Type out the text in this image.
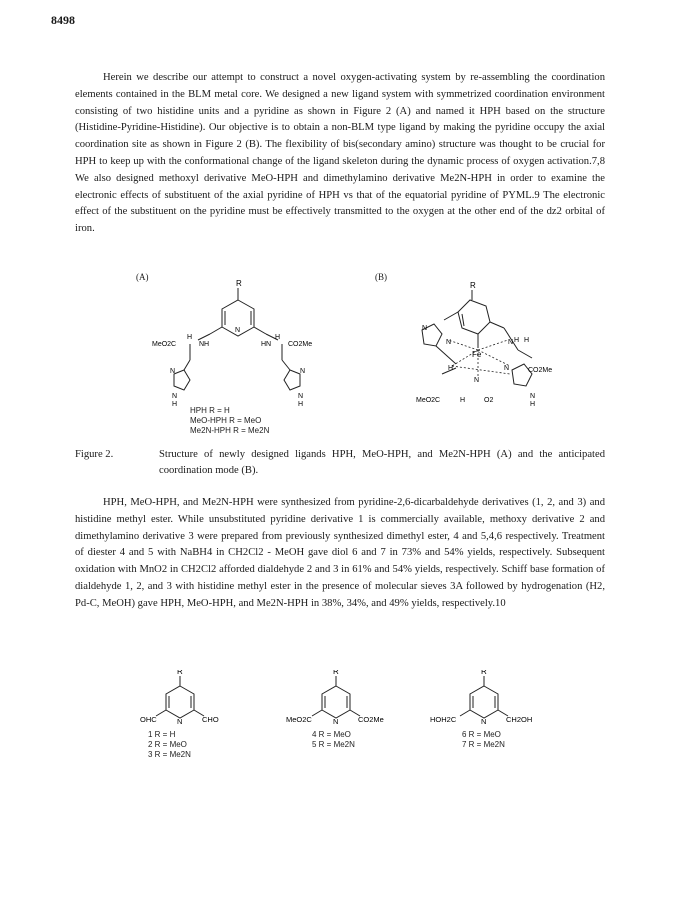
8498
Herein we describe our attempt to construct a novel oxygen-activating system by re-assembling the coordination elements contained in the BLM metal core. We designed a new ligand system with symmetrized coordination environment consisting of two histidine units and a pyridine as shown in Figure 2 (A) and named it HPH based on the structure (Histidine-Pyridine-Histidine). Our objective is to obtain a non-BLM type ligand by making the pyridine occupy the axial coordination site as shown in Figure 2 (B). The flexibility of bis(secondary amino) structure was thought to be crucial for HPH to keep up with the conformational change of the ligand skeleton during the dynamic process of oxygen activation.7,8 We also designed methoxyl derivative MeO-HPH and dimethylamino derivative Me2N-HPH in order to examine the electronic effects of substituent of the axial pyridine of HPH vs that of the equatorial pyridine of PYML.9 The electronic effect of the substituent on the pyridine must be effectively transmitted to the oxygen at the other end of the dz2 orbital of iron.
(A)	(B)
R
N
MeO2C	NH	HN CO2Me
H	H
N	N
N	N
H	H
HPH R = H
MeO-HPH R = MeO
Me2N-HPH R = Me2N
R
Fe
N
N	N
N
N
N
H H
H
H
H
MeO2C
CO2Me
O2
Figure 2.	Structure of newly designed ligands HPH, MeO-HPH, and Me2N-HPH (A) and the anticipated coordination mode (B).
HPH, MeO-HPH, and Me2N-HPH were synthesized from pyridine-2,6-dicarbaldehyde derivatives (1, 2, and 3) and histidine methyl ester. While unsubstituted pyridine derivative 1 is commercially available, methoxy derivative 2 and dimethylamino derivative 3 were prepared from previously synthesized dimethyl ester, 4 and 5,4,6 respectively. Treatment of diester 4 and 5 with NaBH4 in CH2Cl2 - MeOH gave diol 6 and 7 in 73% and 54% yields, respectively. Subsequent oxidation with MnO2 in CH2Cl2 afforded dialdehyde 2 and 3 in 61% and 54% yields, respectively. Schiff base formation of dialdehyde 1, 2, and 3 with histidine methyl ester in the presence of molecular sieves 3A followed by hydrogenation (H2, Pd-C, MeOH) gave HPH, MeO-HPH, and Me2N-HPH in 38%, 34%, and 49% yields, respectively.10
R	R	R
OHC	N	CHO	MeO2C	N	CO2Me	HOH2C	N	CH2OH
1 R = H
2 R = MeO
3 R = Me2N
4 R = MeO
5 R = Me2N
6 R = MeO
7 R = Me2N
